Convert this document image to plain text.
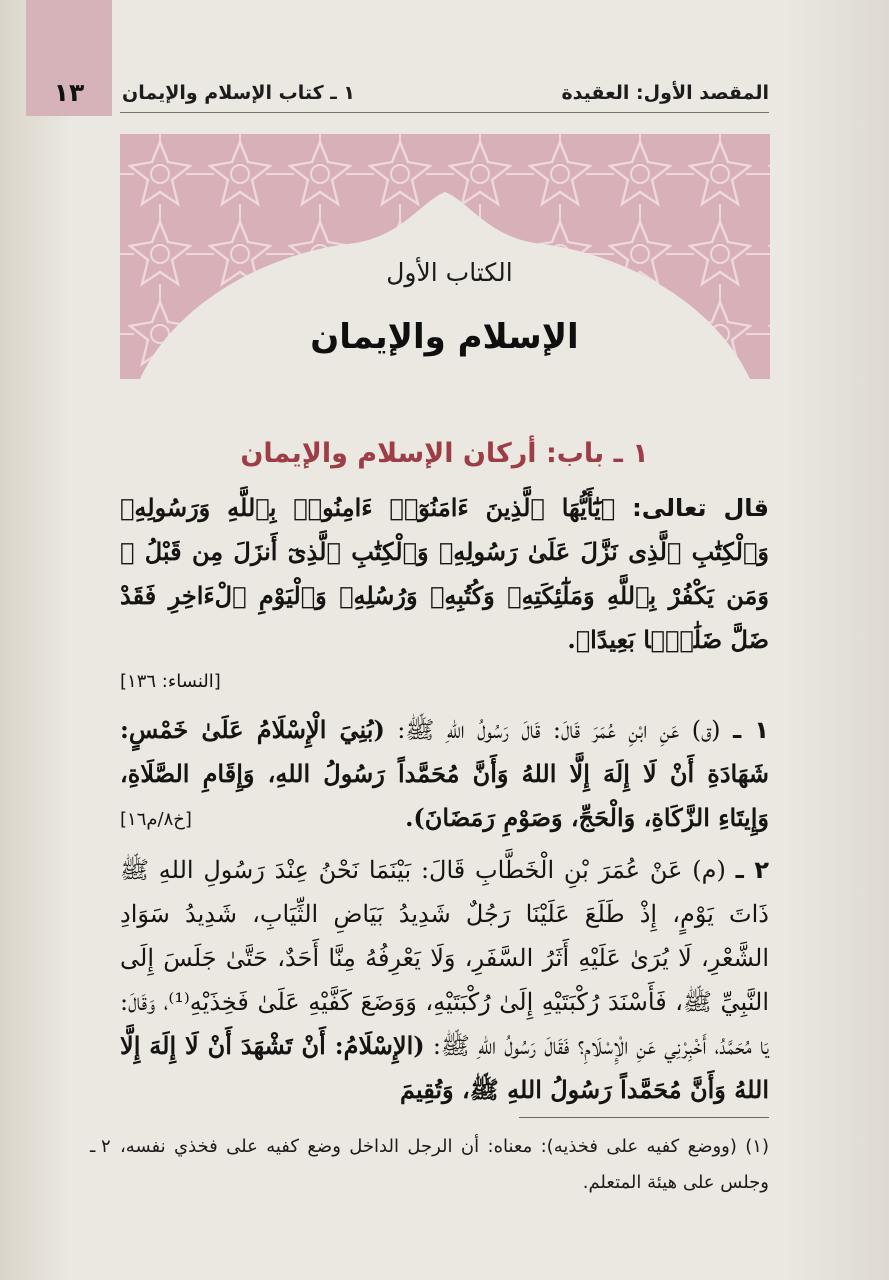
١٣	المقصد الأول: العقيدة
١ ـ كتاب الإسلام والإيمان
الكتاب الأول
الإسلام والإيمان
١ ـ باب: أركان الإسلام والإيمان

قال تعالى: ﴿يَٰٓأَيُّهَا ٱلَّذِينَ ءَامَنُوٓا۟ ءَامِنُوا۟ بِٱللَّهِ وَرَسُولِهِۦ وَٱلْكِتَٰبِ ٱلَّذِى نَزَّلَ عَلَىٰ رَسُولِهِۦ وَٱلْكِتَٰبِ ٱلَّذِىٓ أَنزَلَ مِن قَبْلُ ۚ وَمَن يَكْفُرْ بِٱللَّهِ وَمَلَٰٓئِكَتِهِۦ وَكُتُبِهِۦ وَرُسُلِهِۦ وَٱلْيَوْمِ ٱلْءَاخِرِ فَقَدْ ضَلَّ ضَلَٰلًۢا بَعِيدًا﴾.

[النساء: ١٣٦]

١ ـ (ق) عَنِ ابْنِ عُمَرَ قَالَ: قَالَ رَسُولُ اللهِ ﷺ: (بُنِيَ الْإِسْلَامُ عَلَىٰ خَمْسٍ: شَهَادَةِ أَنْ لَا إِلَهَ إِلَّا اللهُ وَأَنَّ مُحَمَّداً رَسُولُ اللهِ، وَإِقَامِ الصَّلَاةِ، وَإِيتَاءِ الزَّكَاةِ، وَالْحَجِّ، وَصَوْمِ رَمَضَانَ).
[خ٨/م١٦]

٢ ـ (م) عَنْ عُمَرَ بْنِ الْخَطَّابِ قَالَ: بَيْنَمَا نَحْنُ عِنْدَ رَسُولِ اللهِ ﷺ ذَاتَ يَوْمٍ، إِذْ طَلَعَ عَلَيْنَا رَجُلٌ شَدِيدُ بَيَاضِ الثِّيَابِ، شَدِيدُ سَوَادِ الشَّعْرِ، لَا يُرَىٰ عَلَيْهِ أَثَرُ السَّفَرِ، وَلَا يَعْرِفُهُ مِنَّا أَحَدٌ، حَتَّىٰ جَلَسَ إِلَى النَّبِيِّ ﷺ، فَأَسْنَدَ رُكْبَتَيْهِ إِلَىٰ رُكْبَتَيْهِ، وَوَضَعَ كَفَّيْهِ عَلَىٰ فَخِذَيْهِ⁽¹⁾، وَقَالَ: يَا مُحَمَّدُ، أَخْبِرْنِي عَنِ الْإِسْلَامِ؟ فَقَالَ رَسُولُ اللهِ ﷺ: (الإِسْلَامُ: أَنْ تَشْهَدَ أَنْ لَا إِلَهَ إِلَّا اللهُ وَأَنَّ مُحَمَّداً رَسُولُ اللهِ ﷺ، وَتُقِيمَ

٢ ـ (١) (ووضع كفيه على فخذيه): معناه: أن الرجل الداخل وضع كفيه على فخذي نفسه، وجلس على هيئة المتعلم.
